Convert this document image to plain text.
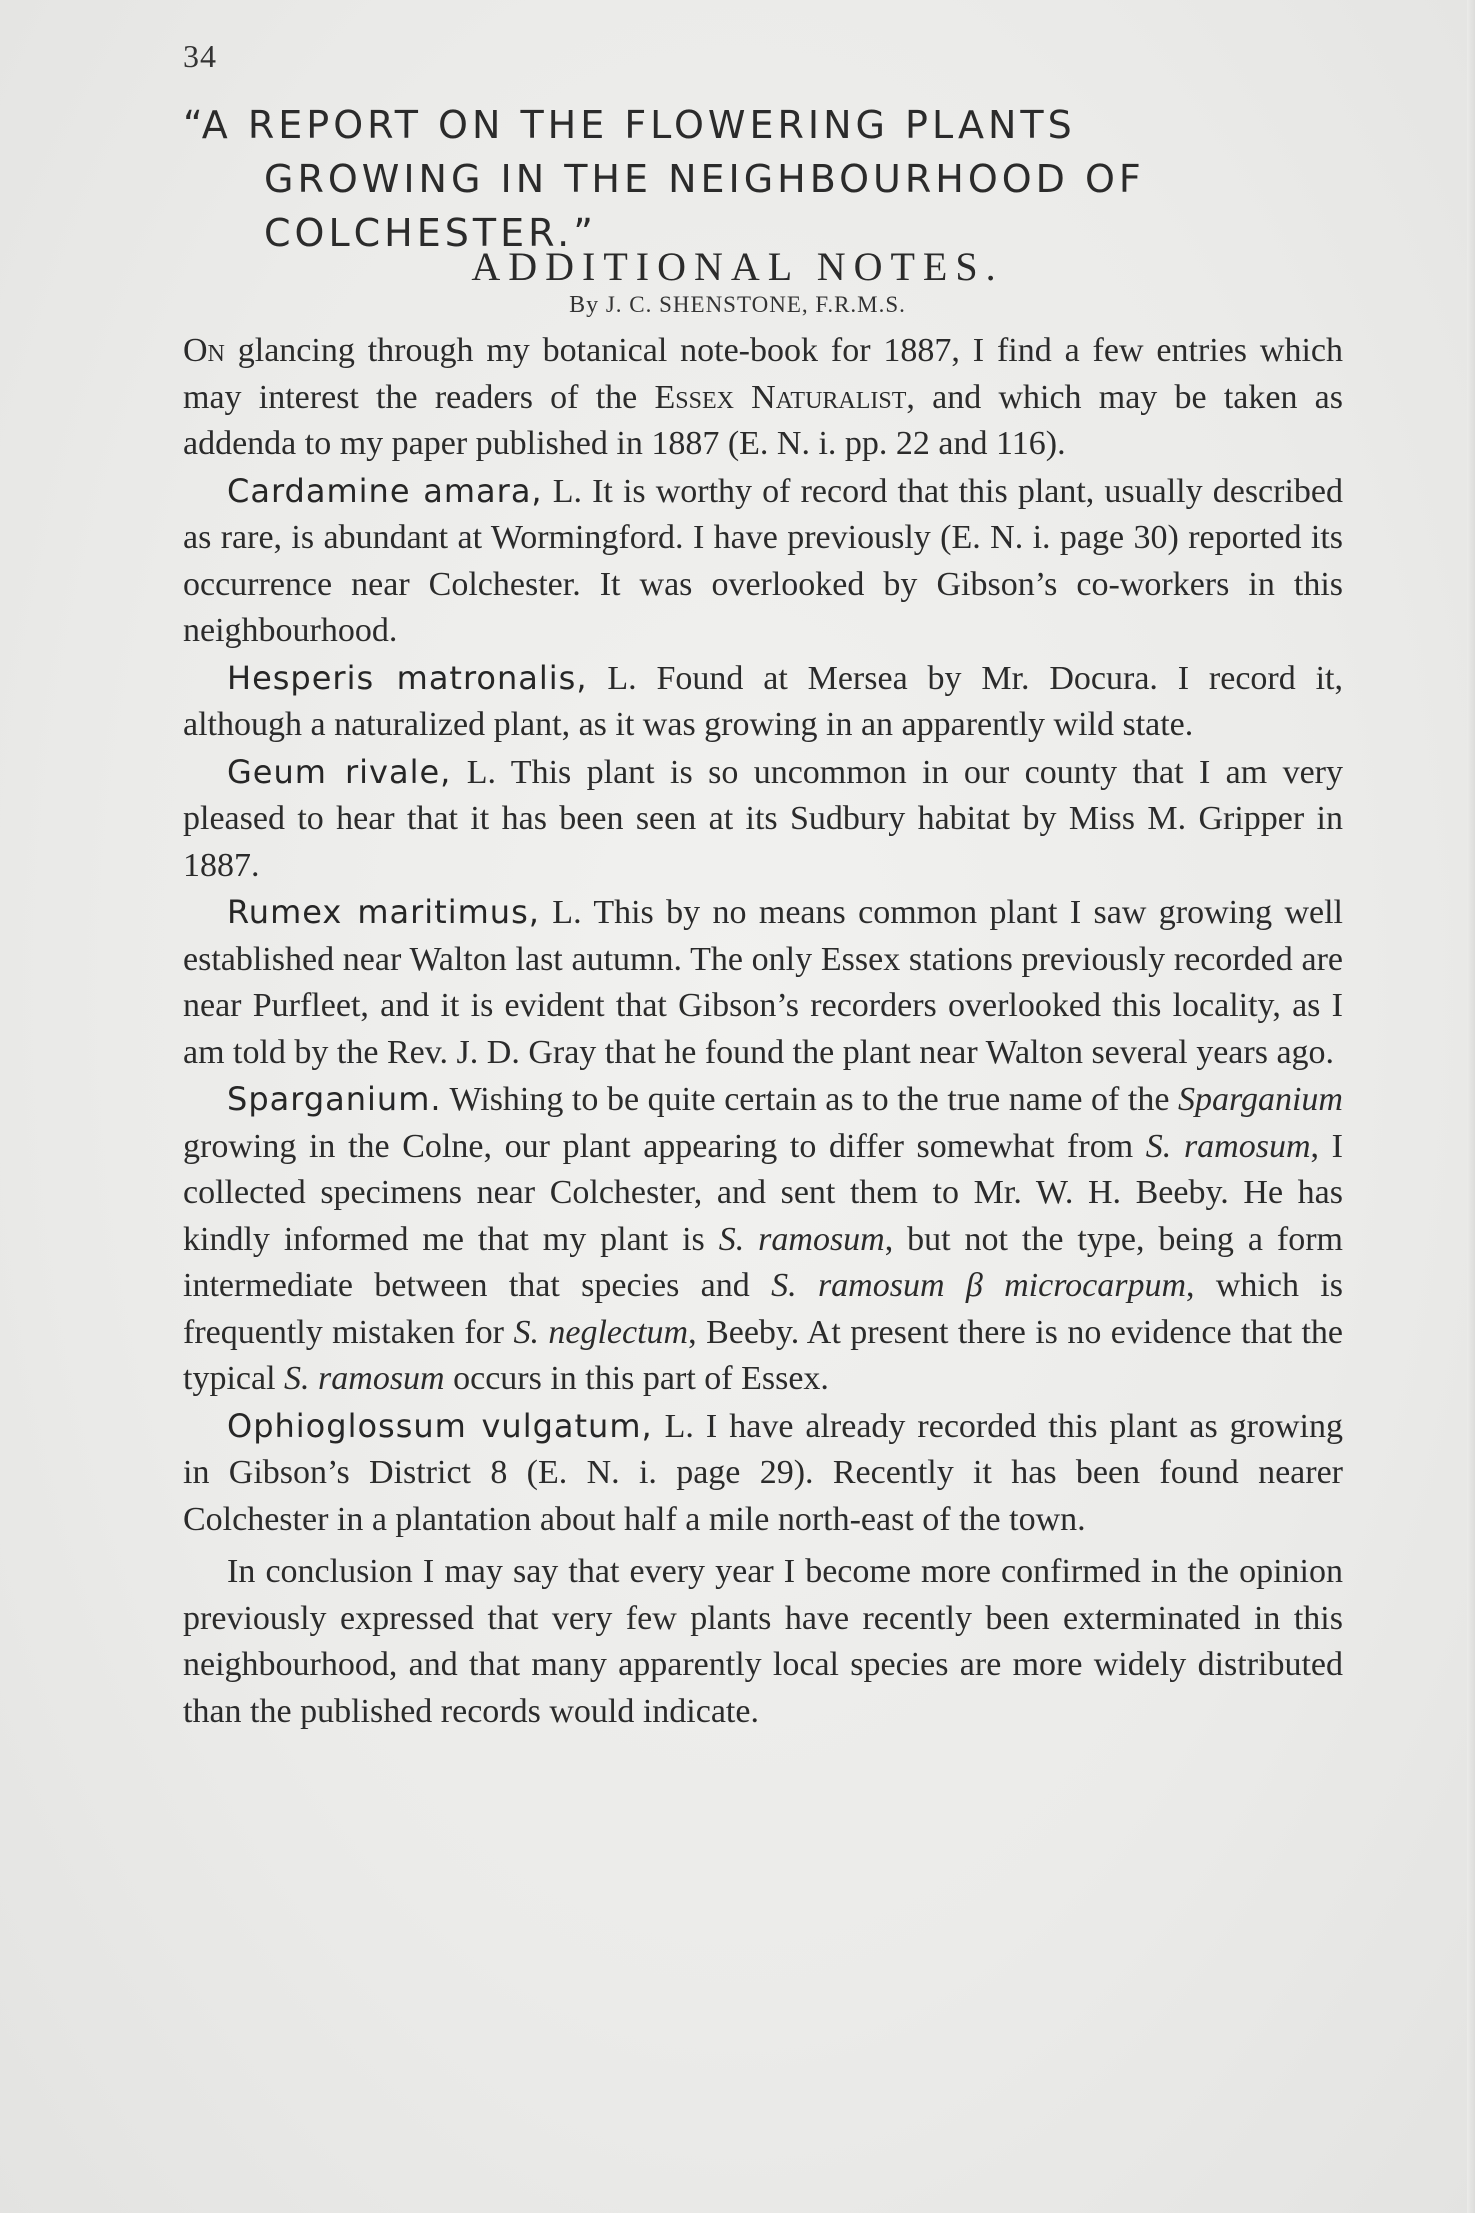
34
“A REPORT ON THE FLOWERING PLANTS
GROWING IN THE NEIGHBOURHOOD OF
COLCHESTER.”
ADDITIONAL NOTES.
By J. C. SHENSTONE, F.R.M.S.

On glancing through my botanical note-book for 1887, I find a few entries which may interest the readers of the Essex Naturalist, and which may be taken as addenda to my paper published in 1887 (E. N. i. pp. 22 and 116).

Cardamine amara, L. It is worthy of record that this plant, usually described as rare, is abundant at Wormingford. I have previously (E. N. i. page 30) reported its occurrence near Colchester. It was overlooked by Gibson’s co-workers in this neighbourhood.

Hesperis matronalis, L. Found at Mersea by Mr. Docura. I record it, although a naturalized plant, as it was growing in an apparently wild state.

Geum rivale, L. This plant is so uncommon in our county that I am very pleased to hear that it has been seen at its Sudbury habitat by Miss M. Gripper in 1887.

Rumex maritimus, L. This by no means common plant I saw growing well established near Walton last autumn. The only Essex stations previously recorded are near Purfleet, and it is evident that Gibson’s recorders overlooked this locality, as I am told by the Rev. J. D. Gray that he found the plant near Walton several years ago.

Sparganium. Wishing to be quite certain as to the true name of the Sparganium growing in the Colne, our plant appearing to differ somewhat from S. ramosum, I collected specimens near Colchester, and sent them to Mr. W. H. Beeby. He has kindly informed me that my plant is S. ramosum, but not the type, being a form intermediate between that species and S. ramosum β microcarpum, which is frequently mistaken for S. neglectum, Beeby. At present there is no evidence that the typical S. ramosum occurs in this part of Essex.

Ophioglossum vulgatum, L. I have already recorded this plant as growing in Gibson’s District 8 (E. N. i. page 29). Recently it has been found nearer Colchester in a plantation about half a mile north-east of the town.

In conclusion I may say that every year I become more confirmed in the opinion previously expressed that very few plants have recently been exterminated in this neighbourhood, and that many apparently local species are more widely distributed than the published records would indicate.
